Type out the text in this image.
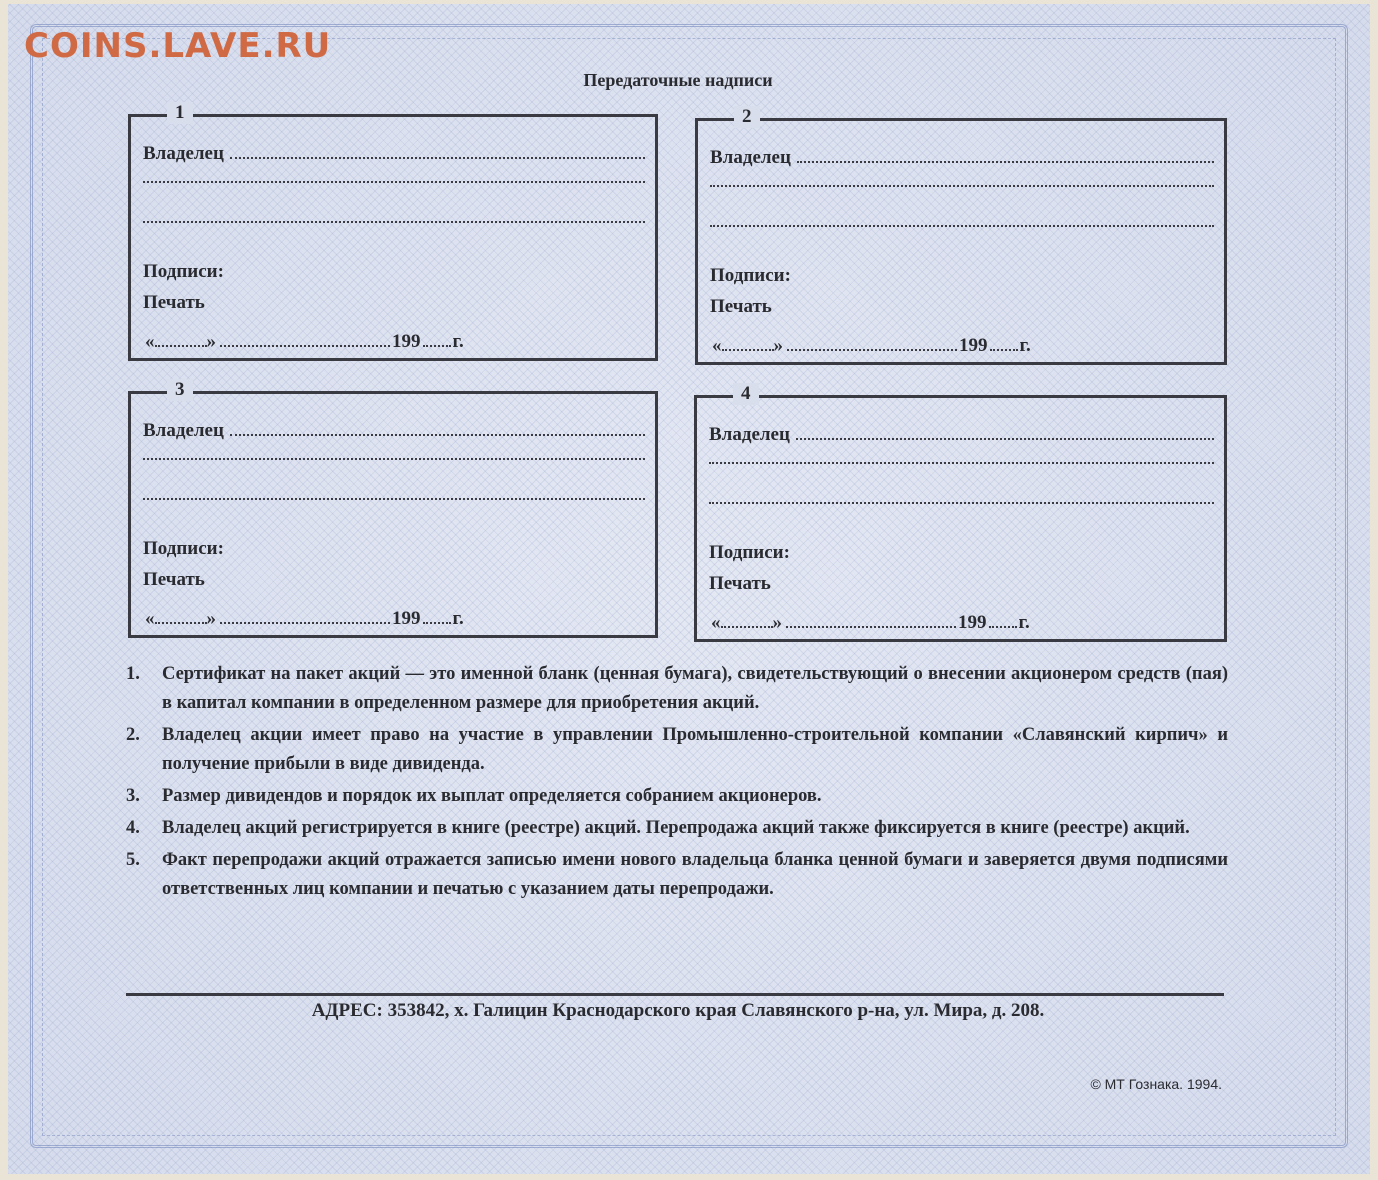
COINS.LAVE.RU
Передаточные надписи
1
Владелец
Подписи:
Печать
«	»	199 г.
2
Владелец
Подписи:
Печать
«	»	199 г.
3
Владелец
Подписи:
Печать
«	»	199 г.
4
Владелец
Подписи:
Печать
«	»	199 г.
1. Сертификат на пакет акций — это именной бланк (ценная бумага), свидетельствующий о внесении акционером средств (пая) в капитал компании в определенном размере для приобретения акций.
2. Владелец акции имеет право на участие в управлении Промышленно-строительной компании «Славянский кирпич» и получение прибыли в виде дивиденда.
3. Размер дивидендов и порядок их выплат определяется собранием акционеров.
4. Владелец акций регистрируется в книге (реестре) акций. Перепродажа акций также фиксируется в книге (реестре) акций.
5. Факт перепродажи акций отражается записью имени нового владельца бланка ценной бумаги и заверяется двумя подписями ответственных лиц компании и печатью с указанием даты перепродажи.
АДРЕС: 353842, х. Галицин Краснодарского края Славянского р-на, ул. Мира, д. 208.
© МТ Гознака. 1994.
